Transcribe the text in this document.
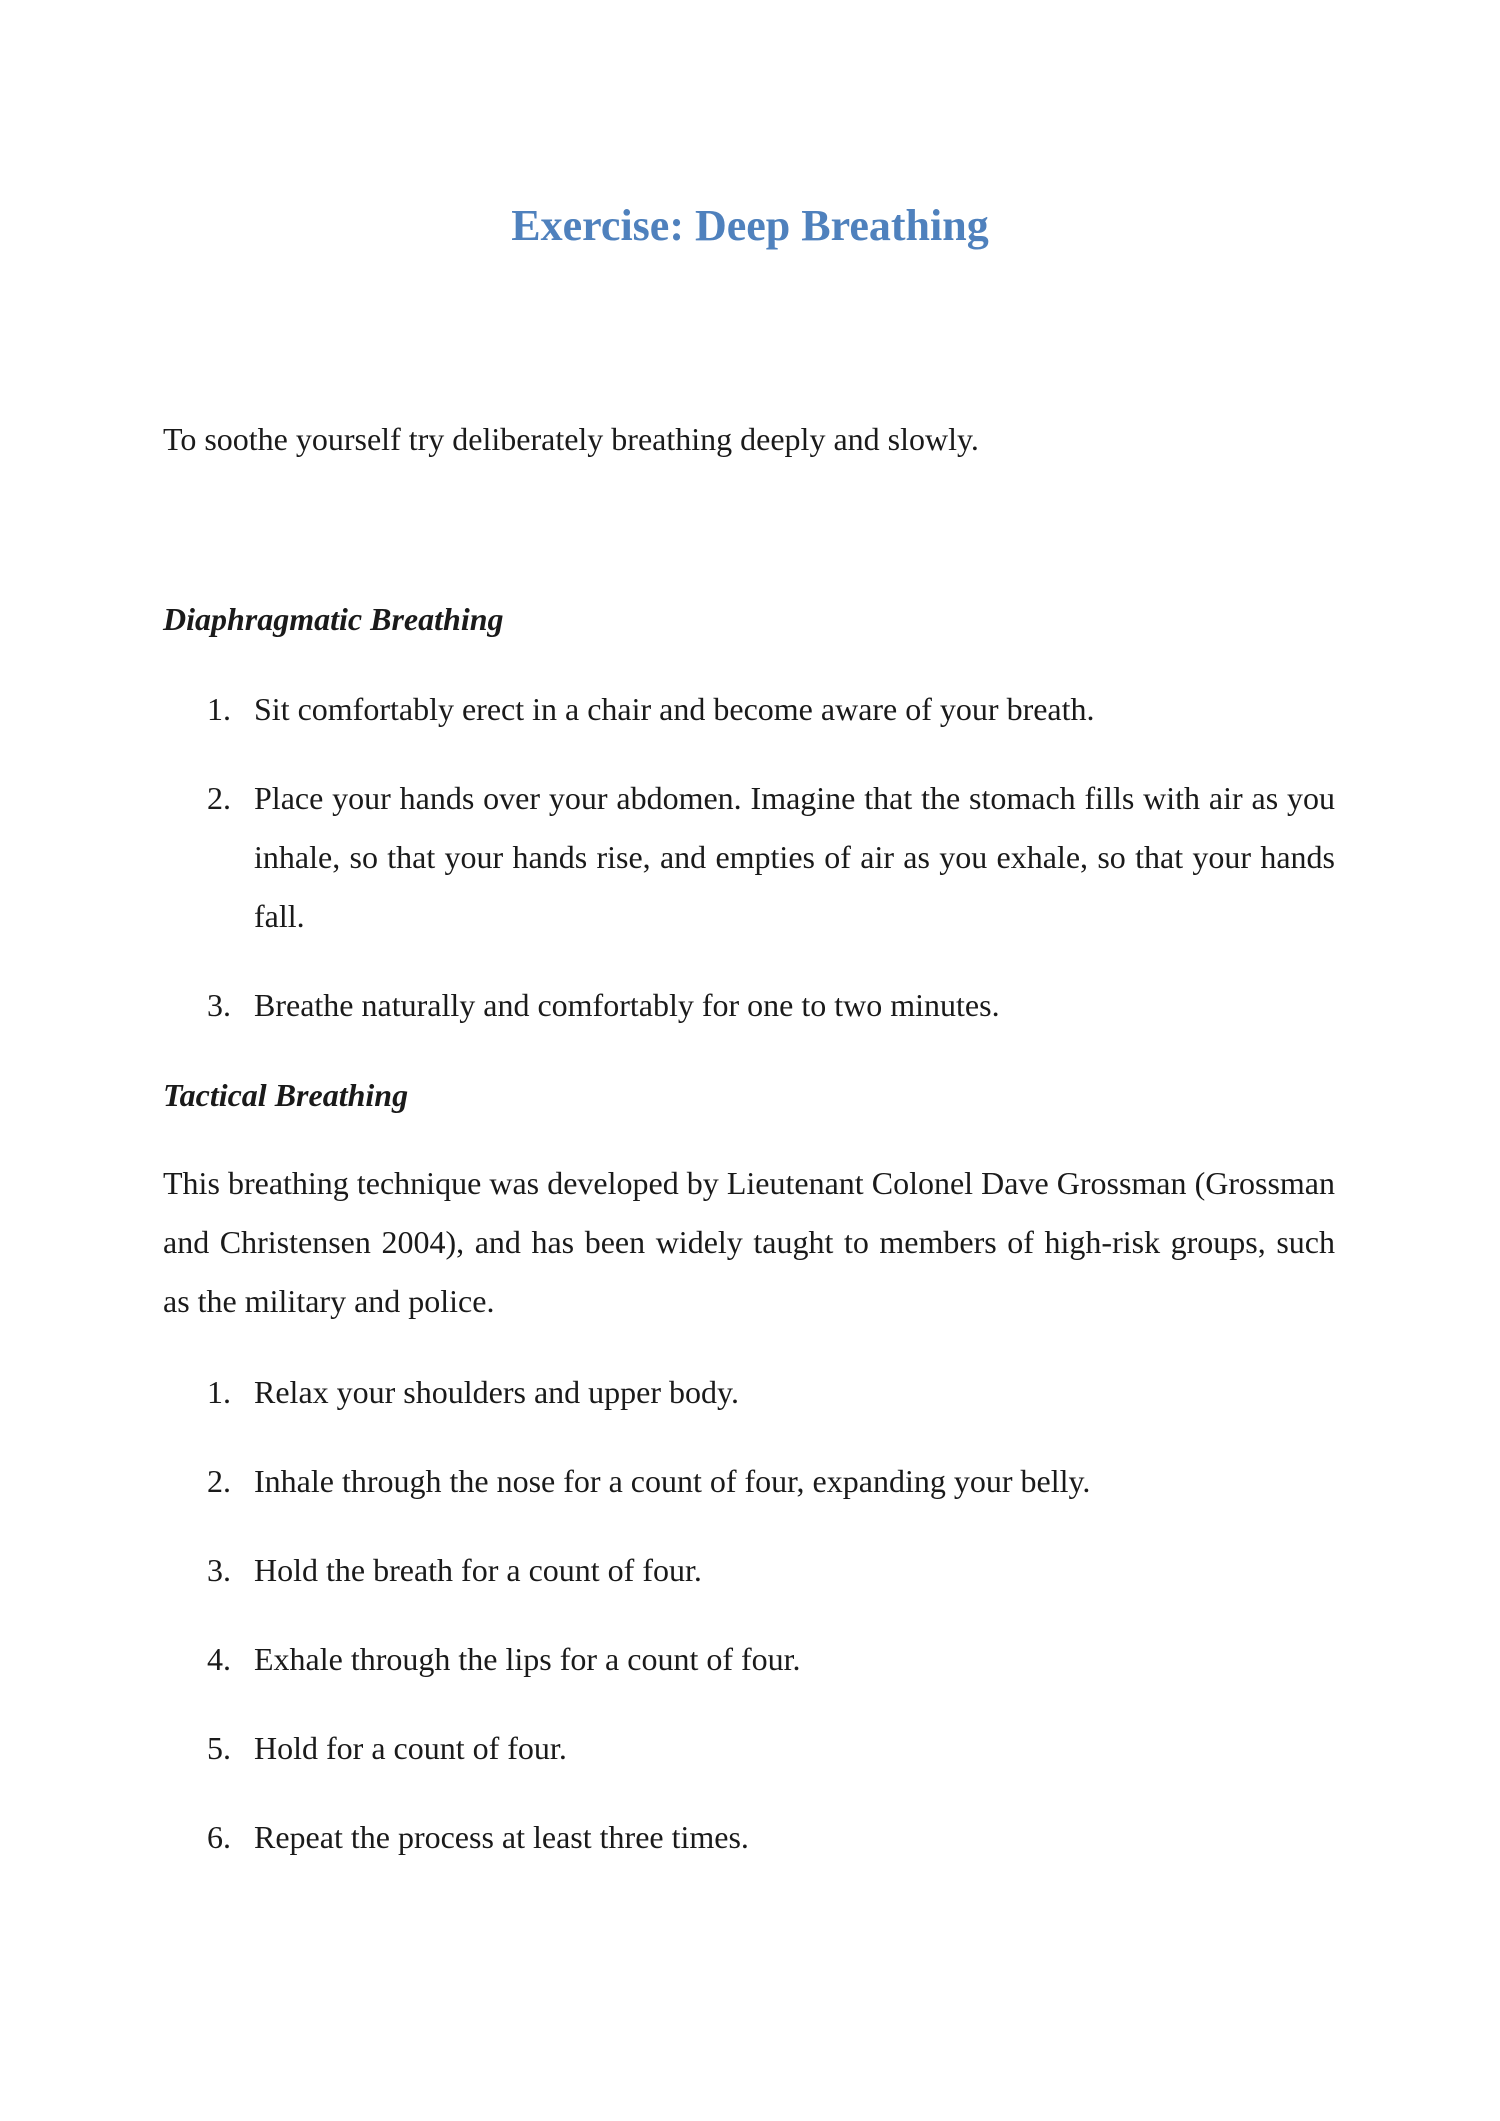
Exercise: Deep Breathing

To soothe yourself try deliberately breathing deeply and slowly.

Diaphragmatic Breathing
1. Sit comfortably erect in a chair and become aware of your breath.
2. Place your hands over your abdomen. Imagine that the stomach fills with air as you inhale, so that your hands rise, and empties of air as you exhale, so that your hands fall.
3. Breathe naturally and comfortably for one to two minutes.
Tactical Breathing

This breathing technique was developed by Lieutenant Colonel Dave Grossman (Grossman and Christensen 2004), and has been widely taught to members of high-risk groups, such as the military and police.

1. Relax your shoulders and upper body.
2. Inhale through the nose for a count of four, expanding your belly.
3. Hold the breath for a count of four.
4. Exhale through the lips for a count of four.
5. Hold for a count of four.
6. Repeat the process at least three times.
